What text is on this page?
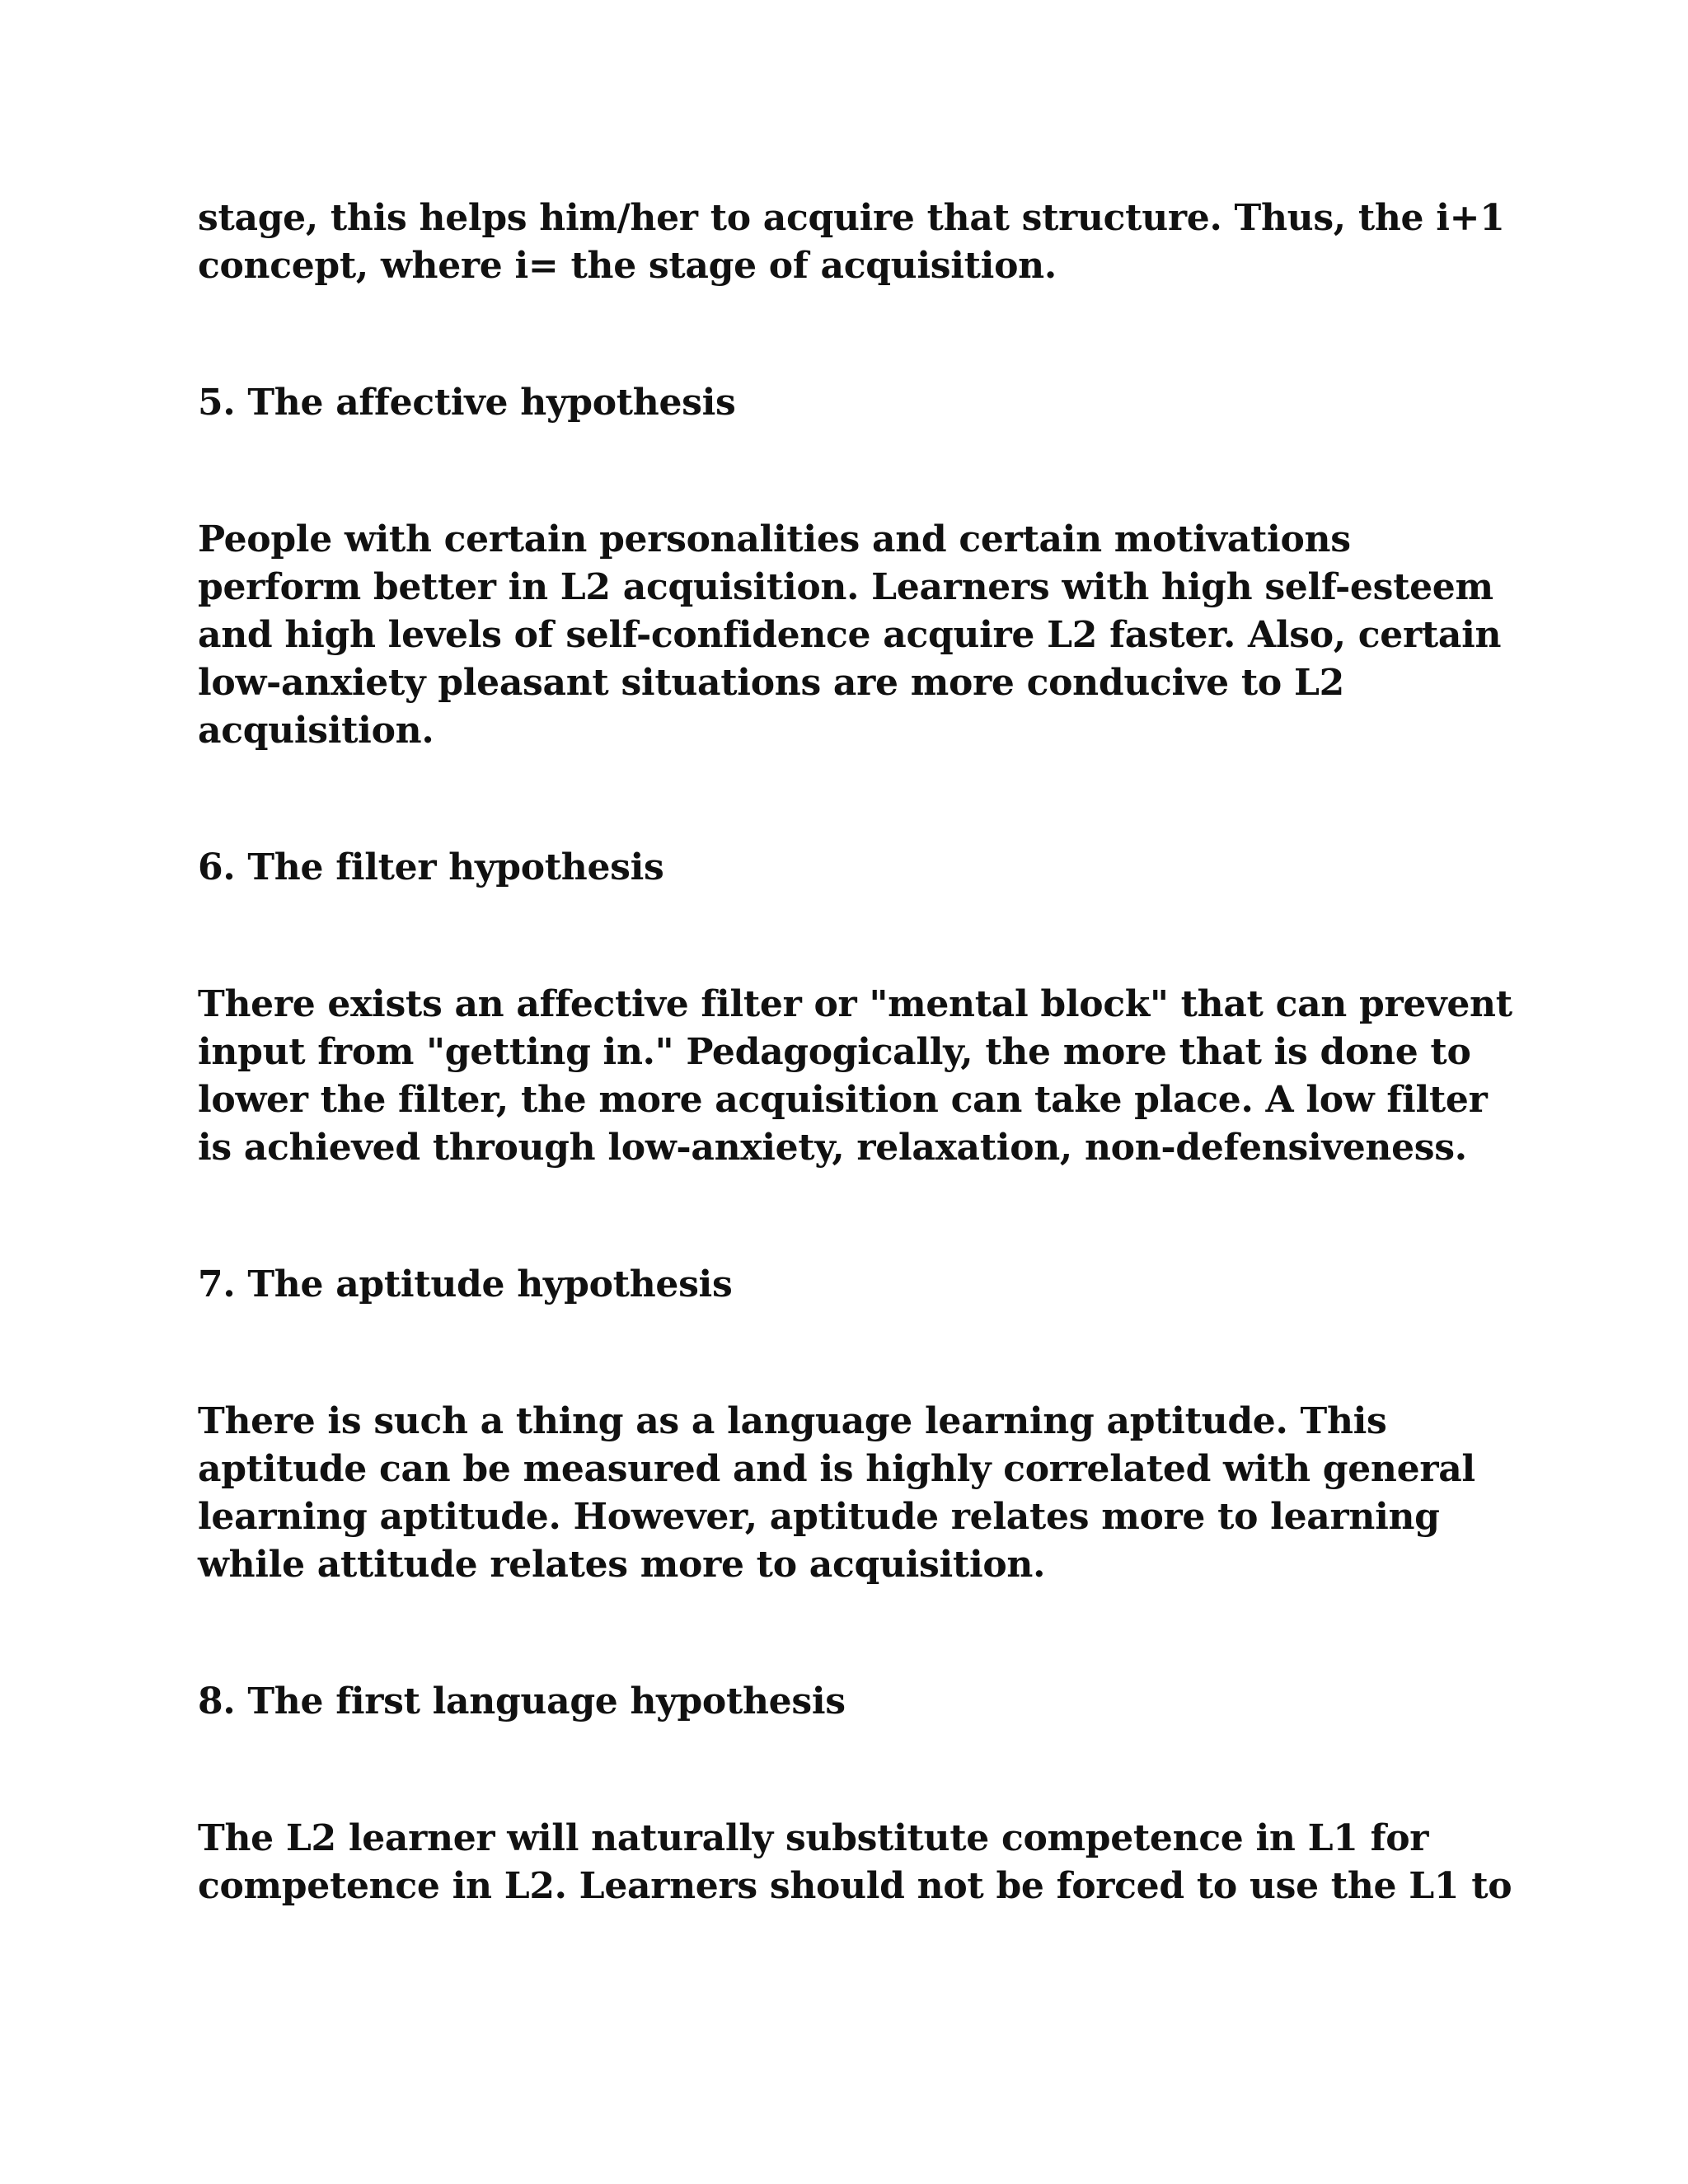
stage, this helps him/her to acquire that structure. Thus, the i+1

concept, where i= the stage of acquisition.

5. The affective hypothesis

People with certain personalities and certain motivations

perform better in L2 acquisition. Learners with high self-esteem

and high levels of self-confidence acquire L2 faster. Also, certain

low-anxiety pleasant situations are more conducive to L2

acquisition.

6. The filter hypothesis

There exists an affective filter or "mental block" that can prevent

input from "getting in." Pedagogically, the more that is done to

lower the filter, the more acquisition can take place. A low filter

is achieved through low-anxiety, relaxation, non-defensiveness.

7. The aptitude hypothesis

There is such a thing as a language learning aptitude. This

aptitude can be measured and is highly correlated with general

learning aptitude. However, aptitude relates more to learning

while attitude relates more to acquisition.

8. The first language hypothesis

The L2 learner will naturally substitute competence in L1 for

competence in L2. Learners should not be forced to use the L1 to
